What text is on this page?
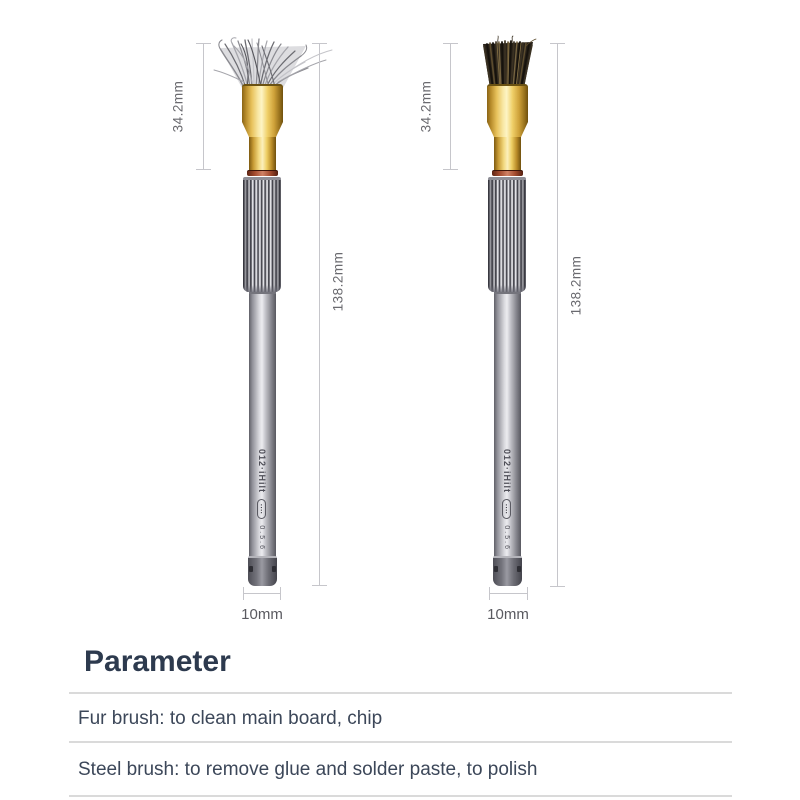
012·iHilt
▪▪▪▪
0.5.6
34.2mm
138.2mm
10mm
012·iHilt
▪▪▪▪
0.5.6
34.2mm
138.2mm
10mm
Parameter
Fur brush: to clean main board, chip
Steel brush: to remove glue and solder paste, to polish
